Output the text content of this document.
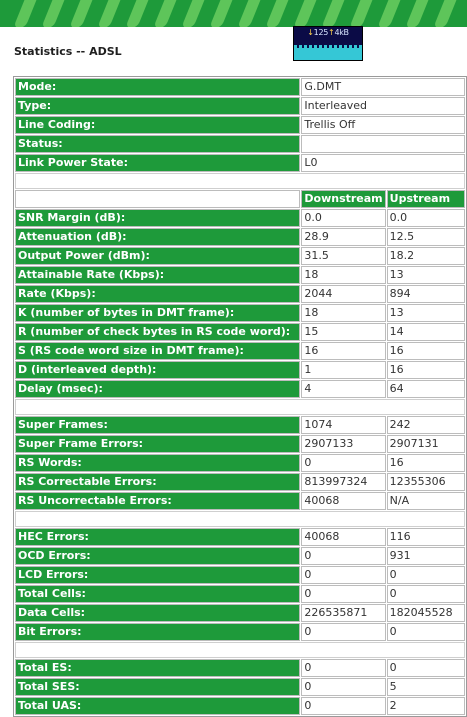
Statistics -- ADSL
↓125↑4kB
Mode:	G.DMT	
Type:	Interleaved	
Line Coding:	Trellis Off	
Status:		
Link Power State:	L0	

	Downstream	Upstream
SNR Margin (dB):	0.0	0.0
Attenuation (dB):	28.9	12.5
Output Power (dBm):	31.5	18.2
Attainable Rate (Kbps):	18	13
Rate (Kbps):	2044	894
K (number of bytes in DMT frame):	18	13
R (number of check bytes in RS code word):	15	14
S (RS code word size in DMT frame):	16	16
D (interleaved depth):	1	16
Delay (msec):	4	64

Super Frames:	1074	242
Super Frame Errors:	2907133	2907131
RS Words:	0	16
RS Correctable Errors:	813997324	12355306
RS Uncorrectable Errors:	40068	N/A

HEC Errors:	40068	116
OCD Errors:	0	931
LCD Errors:	0	0
Total Cells:	0	0
Data Cells:	226535871	182045528
Bit Errors:	0	0

Total ES:	0	0
Total SES:	0	5
Total UAS:	0	2
